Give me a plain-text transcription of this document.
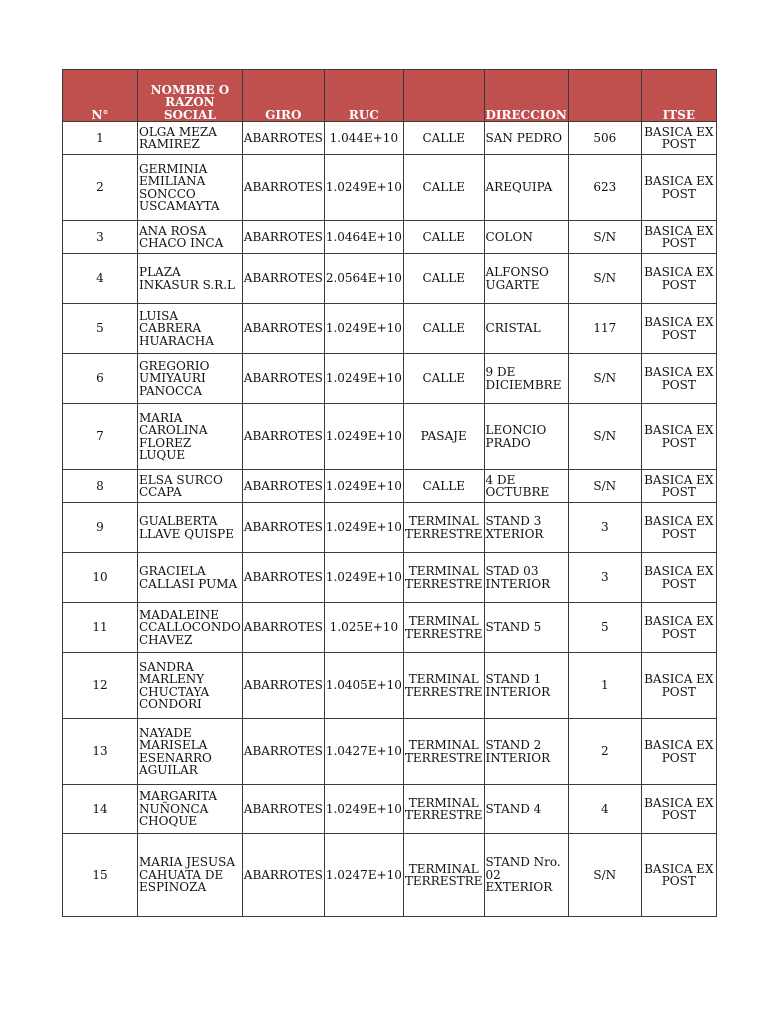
N°	NOMBRE O RAZON SOCIAL	GIRO	RUC		DIRECCION		ITSE
1	OLGA MEZA RAMIREZ	ABARROTES	1.044E+10	CALLE	SAN PEDRO	506	BASICA EX POST
2	GERMINIA EMILIANA SONCCO USCAMAYTA	ABARROTES	1.0249E+10	CALLE	AREQUIPA	623	BASICA EX POST
3	ANA ROSA CHACO INCA	ABARROTES	1.0464E+10	CALLE	COLON	S/N	BASICA EX POST
4	PLAZA INKASUR S.R.L	ABARROTES	2.0564E+10	CALLE	ALFONSO UGARTE	S/N	BASICA EX POST
5	LUISA CABRERA HUARACHA	ABARROTES	1.0249E+10	CALLE	CRISTAL	117	BASICA EX POST
6	GREGORIO UMIYAURI PANOCCA	ABARROTES	1.0249E+10	CALLE	9 DE DICIEMBRE	S/N	BASICA EX POST
7	MARIA CAROLINA FLOREZ LUQUE	ABARROTES	1.0249E+10	PASAJE	LEONCIO PRADO	S/N	BASICA EX POST
8	ELSA SURCO CCAPA	ABARROTES	1.0249E+10	CALLE	4 DE OCTUBRE	S/N	BASICA EX POST
9	GUALBERTA LLAVE QUISPE	ABARROTES	1.0249E+10	TERMINAL TERRESTRE	STAND 3 XTERIOR	3	BASICA EX POST
10	GRACIELA CALLASI PUMA	ABARROTES	1.0249E+10	TERMINAL TERRESTRE	STAD 03 INTERIOR	3	BASICA EX POST
11	MADALEINE CCALLOCONDO CHAVEZ	ABARROTES	1.025E+10	TERMINAL TERRESTRE	STAND 5	5	BASICA EX POST
12	SANDRA MARLENY CHUCTAYA CONDORI	ABARROTES	1.0405E+10	TERMINAL TERRESTRE	STAND 1 INTERIOR	1	BASICA EX POST
13	NAYADE MARISELA ESENARRO AGUILAR	ABARROTES	1.0427E+10	TERMINAL TERRESTRE	STAND 2 INTERIOR	2	BASICA EX POST
14	MARGARITA NUÑONCA CHOQUE	ABARROTES	1.0249E+10	TERMINAL TERRESTRE	STAND 4	4	BASICA EX POST
15	MARIA JESUSA CAHUATA DE ESPINOZA	ABARROTES	1.0247E+10	TERMINAL TERRESTRE	STAND Nro. 02 EXTERIOR	S/N	BASICA EX POST
